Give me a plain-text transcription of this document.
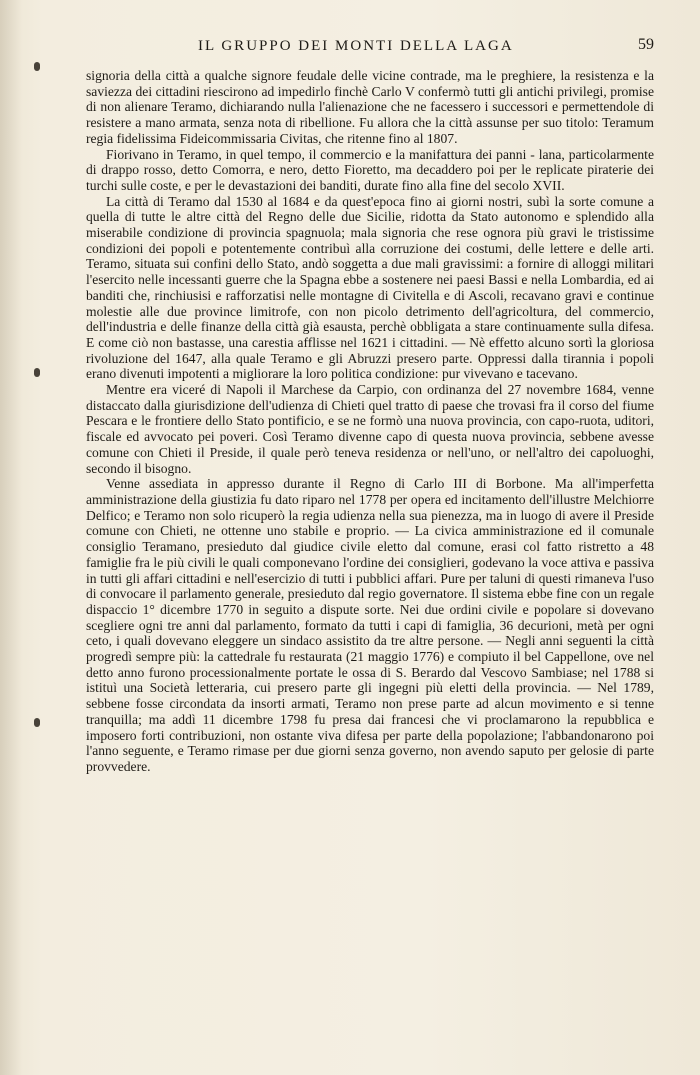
IL GRUPPO DEI MONTI DELLA LAGA	59

signoria della città a qualche signore feudale delle vicine contrade, ma le preghiere, la resistenza e la saviezza dei cittadini riescirono ad impedirlo finchè Carlo V confermò tutti gli antichi privilegi, promise di non alienare Teramo, dichiarando nulla l'alienazione che ne facessero i successori e permettendole di resistere a mano armata, senza nota di ribellione. Fu allora che la città assunse per suo titolo: Teramum regia fidelissima Fideicommissaria Civitas, che ritenne fino al 1807.

Fiorivano in Teramo, in quel tempo, il commercio e la manifattura dei panni - lana, particolarmente di drappo rosso, detto Comorra, e nero, detto Fioretto, ma decaddero poi per le replicate piraterie dei turchi sulle coste, e per le devastazioni dei banditi, durate fino alla fine del secolo XVII.

La città di Teramo dal 1530 al 1684 e da quest'epoca fino ai giorni nostri, subì la sorte comune a quella di tutte le altre città del Regno delle due Sicilie, ridotta da Stato autonomo e splendido alla miserabile condizione di provincia spagnuola; mala signoria che rese ognora più gravi le tristissime condizioni dei popoli e potentemente contribuì alla corruzione dei costumi, delle lettere e delle arti. Teramo, situata sui confini dello Stato, andò soggetta a due mali gravissimi: a fornire di alloggi militari l'esercito nelle incessanti guerre che la Spagna ebbe a sostenere nei paesi Bassi e nella Lombardia, ed ai banditi che, rinchiusisi e rafforzatisi nelle montagne di Civitella e di Ascoli, recavano gravi e continue molestie alle due province limitrofe, con non picolo detrimento dell'agricoltura, del commercio, dell'industria e delle finanze della città già esausta, perchè obbligata a stare continuamente sulla difesa. E come ciò non bastasse, una carestia afflisse nel 1621 i cittadini. — Nè effetto alcuno sortì la gloriosa rivoluzione del 1647, alla quale Teramo e gli Abruzzi presero parte. Oppressi dalla tirannia i popoli erano divenuti impotenti a migliorare la loro politica condizione: pur vivevano e tacevano.

Mentre era viceré di Napoli il Marchese da Carpio, con ordinanza del 27 novembre 1684, venne distaccato dalla giurisdizione dell'udienza di Chieti quel tratto di paese che trovasi fra il corso del fiume Pescara e le frontiere dello Stato pontificio, e se ne formò una nuova provincia, con capo-ruota, uditori, fiscale ed avvocato pei poveri. Così Teramo divenne capo di questa nuova provincia, sebbene avesse comune con Chieti il Preside, il quale però teneva residenza or nell'uno, or nell'altro dei capoluoghi, secondo il bisogno.

Venne assediata in appresso durante il Regno di Carlo III di Borbone. Ma all'imperfetta amministrazione della giustizia fu dato riparo nel 1778 per opera ed incitamento dell'illustre Melchiorre Delfico; e Teramo non solo ricuperò la regia udienza nella sua pienezza, ma in luogo di avere il Preside comune con Chieti, ne ottenne uno stabile e proprio. — La civica amministrazione ed il comunale consiglio Teramano, presieduto dal giudice civile eletto dal comune, erasi col fatto ristretto a 48 famiglie fra le più civili le quali componevano l'ordine dei consiglieri, godevano la voce attiva e passiva in tutti gli affari cittadini e nell'esercizio di tutti i pubblici affari. Pure per taluni di questi rimaneva l'uso di convocare il parlamento generale, presieduto dal regio governatore. Il sistema ebbe fine con un regale dispaccio 1° dicembre 1770 in seguito a dispute sorte. Nei due ordini civile e popolare si dovevano scegliere ogni tre anni dal parlamento, formato da tutti i capi di famiglia, 36 decurioni, metà per ogni ceto, i quali dovevano eleggere un sindaco assistito da tre altre persone. — Negli anni seguenti la città progredì sempre più: la cattedrale fu restaurata (21 maggio 1776) e compiuto il bel Cappellone, ove nel detto anno furono processionalmente portate le ossa di S. Berardo dal Vescovo Sambiase; nel 1788 si istituì una Società letteraria, cui presero parte gli ingegni più eletti della provincia. — Nel 1789, sebbene fosse circondata da insorti armati, Teramo non prese parte ad alcun movimento e si tenne tranquilla; ma addì 11 dicembre 1798 fu presa dai francesi che vi proclamarono la repubblica e imposero forti contribuzioni, non ostante viva difesa per parte della popolazione; l'abbandonarono poi l'anno seguente, e Teramo rimase per due giorni senza governo, non avendo saputo per gelosie di parte provvedere.
